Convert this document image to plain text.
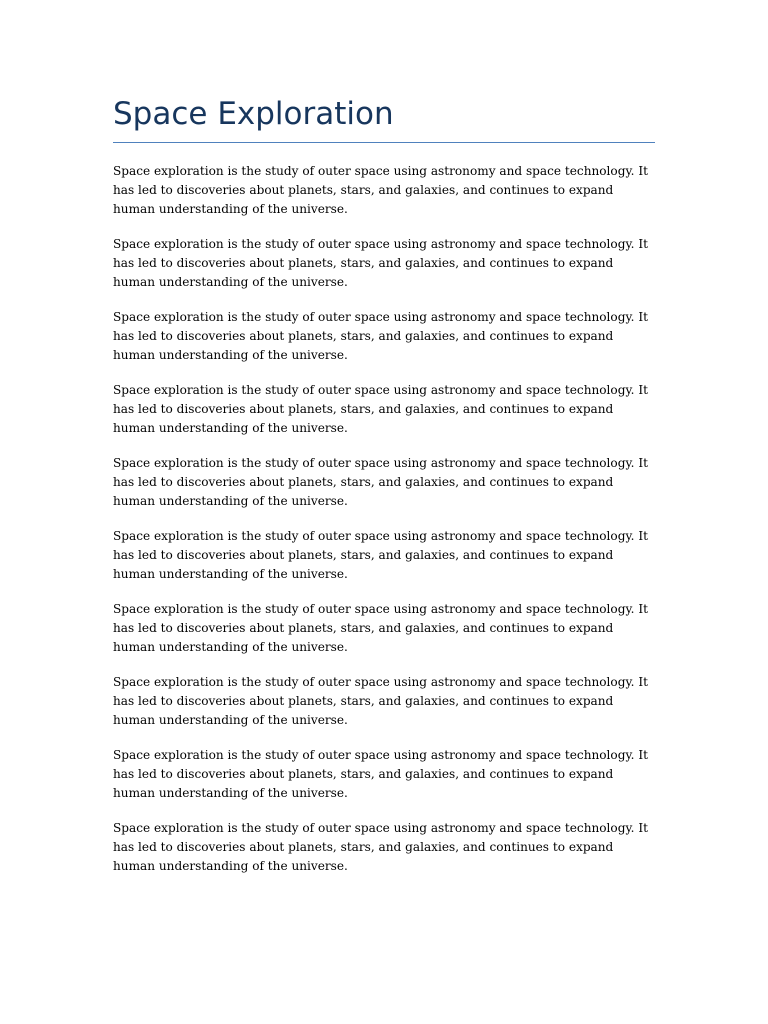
Space Exploration

Space exploration is the study of outer space using astronomy and space technology. It has led to discoveries about planets, stars, and galaxies, and continues to expand human understanding of the universe.

Space exploration is the study of outer space using astronomy and space technology. It has led to discoveries about planets, stars, and galaxies, and continues to expand human understanding of the universe.

Space exploration is the study of outer space using astronomy and space technology. It has led to discoveries about planets, stars, and galaxies, and continues to expand human understanding of the universe.

Space exploration is the study of outer space using astronomy and space technology. It has led to discoveries about planets, stars, and galaxies, and continues to expand human understanding of the universe.

Space exploration is the study of outer space using astronomy and space technology. It has led to discoveries about planets, stars, and galaxies, and continues to expand human understanding of the universe.

Space exploration is the study of outer space using astronomy and space technology. It has led to discoveries about planets, stars, and galaxies, and continues to expand human understanding of the universe.

Space exploration is the study of outer space using astronomy and space technology. It has led to discoveries about planets, stars, and galaxies, and continues to expand human understanding of the universe.

Space exploration is the study of outer space using astronomy and space technology. It has led to discoveries about planets, stars, and galaxies, and continues to expand human understanding of the universe.

Space exploration is the study of outer space using astronomy and space technology. It has led to discoveries about planets, stars, and galaxies, and continues to expand human understanding of the universe.

Space exploration is the study of outer space using astronomy and space technology. It has led to discoveries about planets, stars, and galaxies, and continues to expand human understanding of the universe.
